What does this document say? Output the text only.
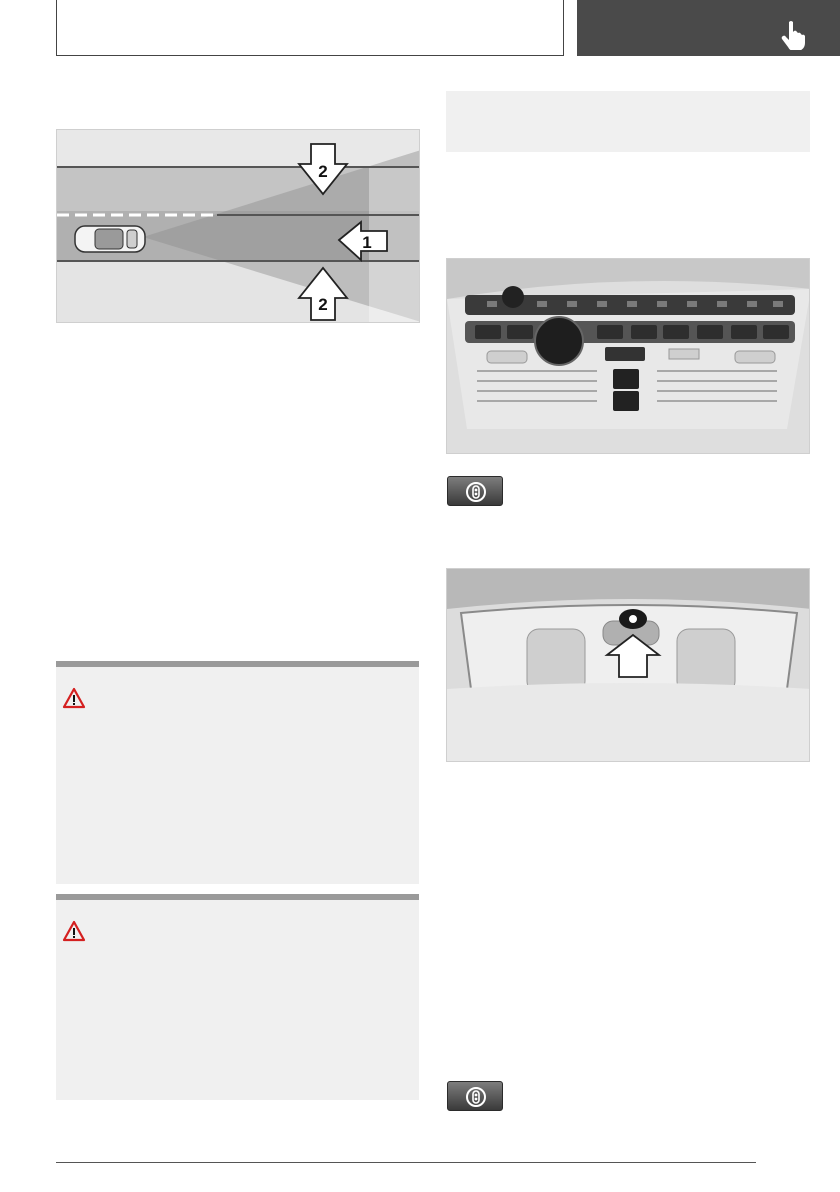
1
2
2
